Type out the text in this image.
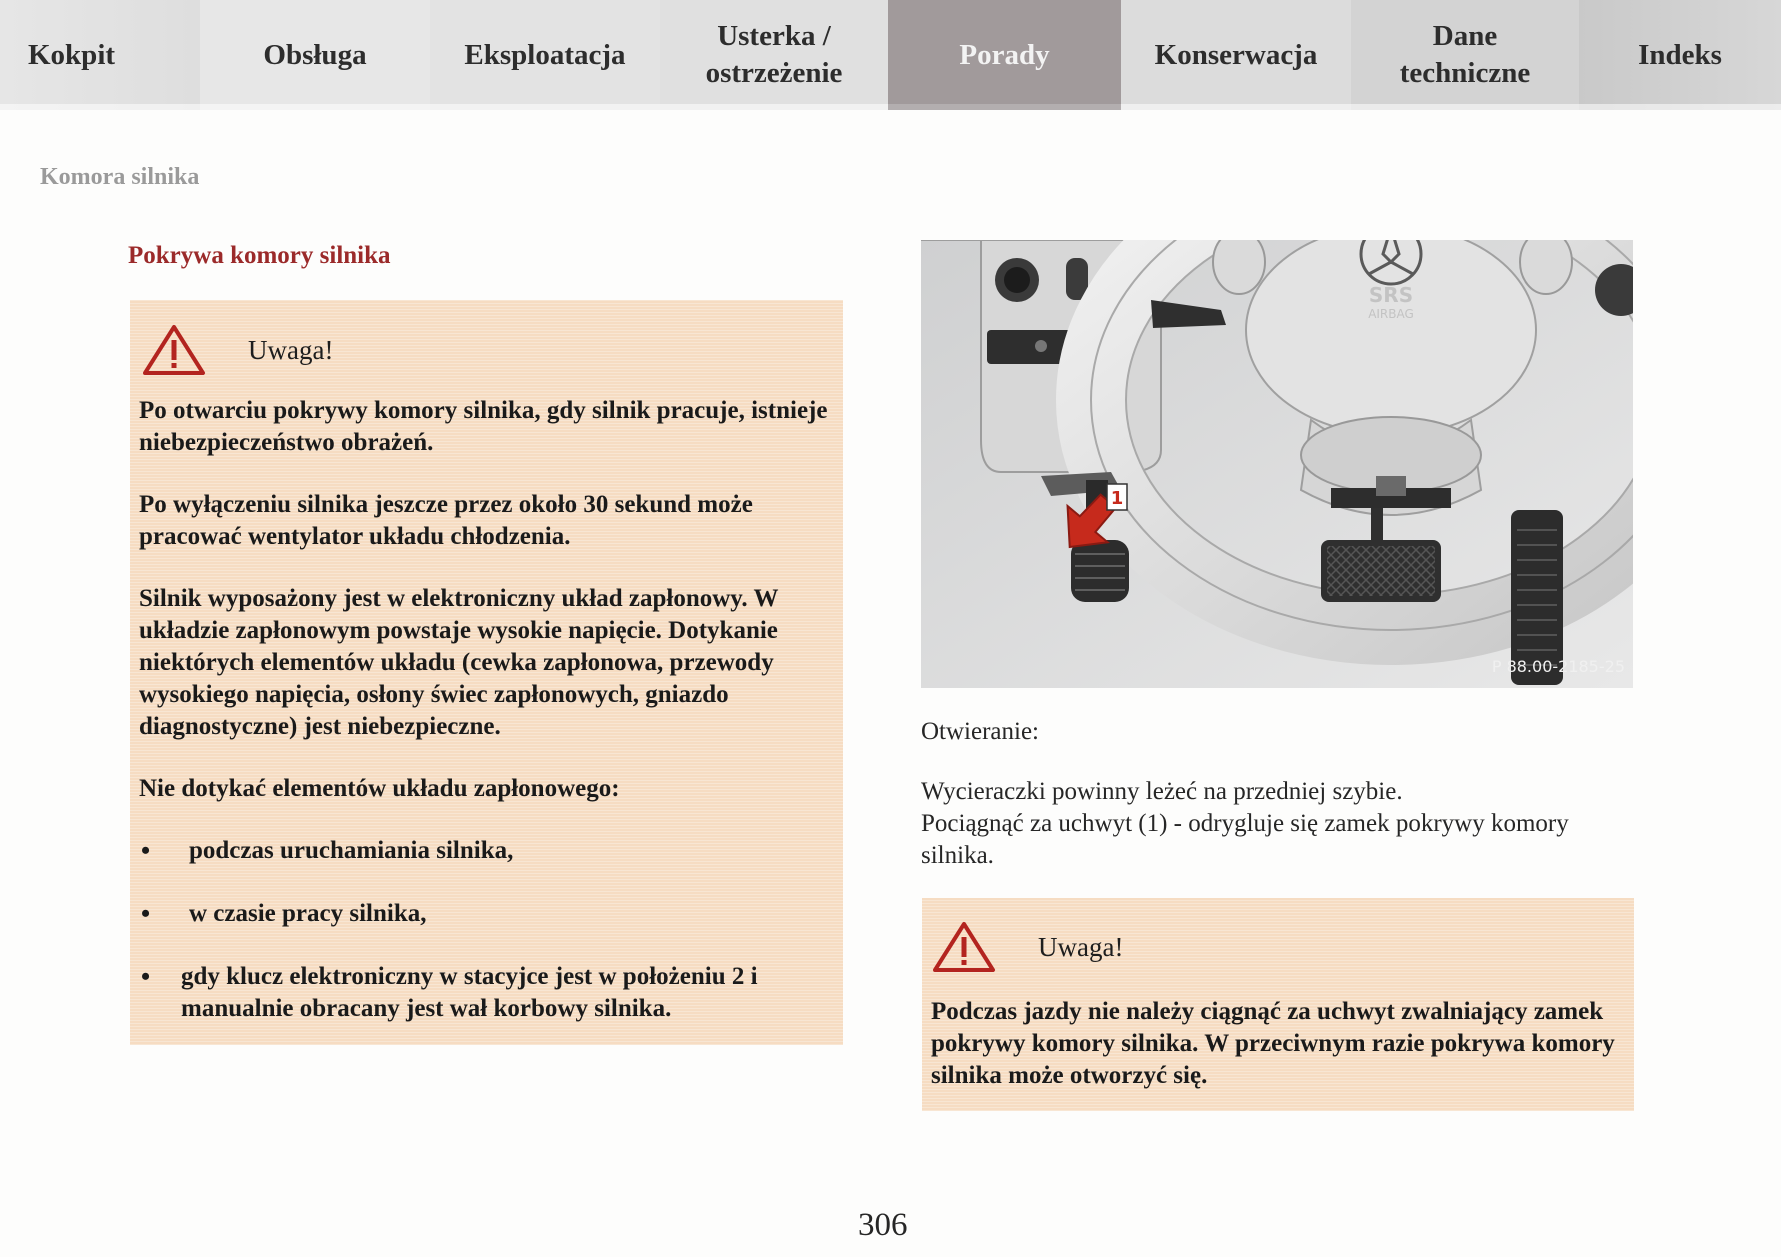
Kokpit	Obsługa	Eksploatacja
Usterka /
ostrzeżenie
Porady	Konserwacja
Dane
techniczne
Indeks
Komora silnika
Pokrywa komory silnika
Uwaga!

Po otwarciu pokrywy komory silnika, gdy silnik pracuje, istnieje niebezpieczeństwo obrażeń.

Po wyłączeniu silnika jeszcze przez około 30 sekund może pracować wentylator układu chłodzenia.

Silnik wyposażony jest w elektroniczny układ zapłonowy. W układzie zapłonowym powstaje wysokie napięcie. Dotykanie niektórych elementów układu (cewka zapłonowa, przewody wysokiego napięcia, osłony świec zapłonowych, gniazdo diagnostyczne) jest niebezpieczne.

Nie dotykać elementów układu zapłonowego:

• podczas uruchamiania silnika,
• w czasie pracy silnika,
• gdy klucz elektroniczny w stacyjce jest w położeniu 2 i manualnie obracany jest wał korbowy silnika.
SRS
AIRBAG
1
P 88.00-2185-25
Otwieranie:
Wycieraczki powinny leżeć na przedniej szybie.
Pociągnąć za uchwyt (1) - odrygluje się zamek pokrywy komory silnika.
Uwaga!

Podczas jazdy nie należy ciągnąć za uchwyt zwalniający zamek pokrywy komory silnika. W przeciwnym razie pokrywa komory silnika może otworzyć się.

306
